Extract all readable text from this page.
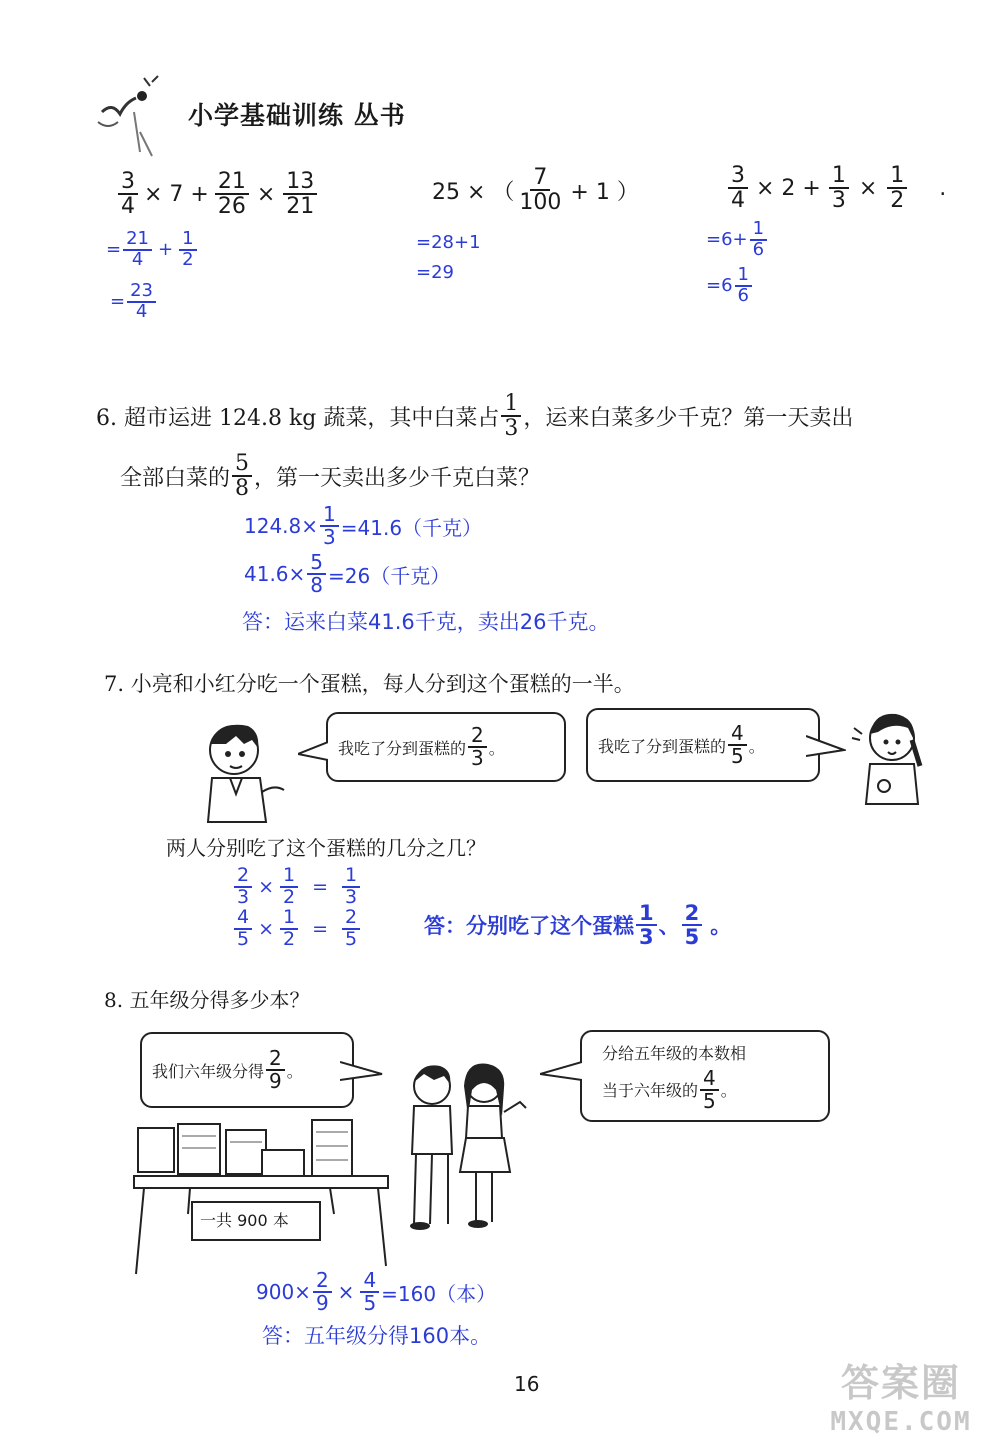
小学基础训练 丛书
$\frac{3}{4} \times 7 + \frac{21}{26} \times \frac{13}{21}$
= $\frac{21}{4} + \frac{1}{2}$
= $\frac{23}{4}$
25 × （ $\frac{7}{100} + 1$ ）
=28+1
=29
$\frac{3}{4} \times 2 + \frac{1}{3} \times \frac{1}{2}$ .
$=6+ \frac{1}{6}$
$=6 \frac{1}{6}$
6. 超市运进 124.8 kg 蔬菜，其中白菜占 $\frac{1}{3}$ ，运来白菜多少千克？第一天卖出
全部白菜的 $\frac{5}{8}$ ，第一天卖出多少千克白菜？
$124.8\times \frac{1}{3} =41.6$（千克）
$41.6\times \frac{5}{8} =26$（千克）
答：运来白菜41.6千克，卖出26千克。
7. 小亮和小红分吃一个蛋糕，每人分到这个蛋糕的一半。
我吃了分到蛋糕的 $\frac{2}{3}$ 。	我吃了分到蛋糕的 $\frac{4}{5}$ 。
两人分别吃了这个蛋糕的几分之几？
$\frac{2}{3} \times \frac{1}{2} = \frac{1}{3}$
$\frac{4}{5} \times \frac{1}{2} = \frac{2}{5}$	答：分别吃了这个蛋糕 $\frac{1}{3}$ 、 $\frac{2}{5}$ 。
8. 五年级分得多少本？
我们六年级分得 $\frac{2}{9}$ 。
分给五年级的本数相
当于六年级的 $\frac{4}{5}$ 。
一共 900 本
$900\times \frac{2}{9} \times \frac{4}{5} =160$（本）
答：五年级分得160本。
16	答案圈
MXQE.COM
